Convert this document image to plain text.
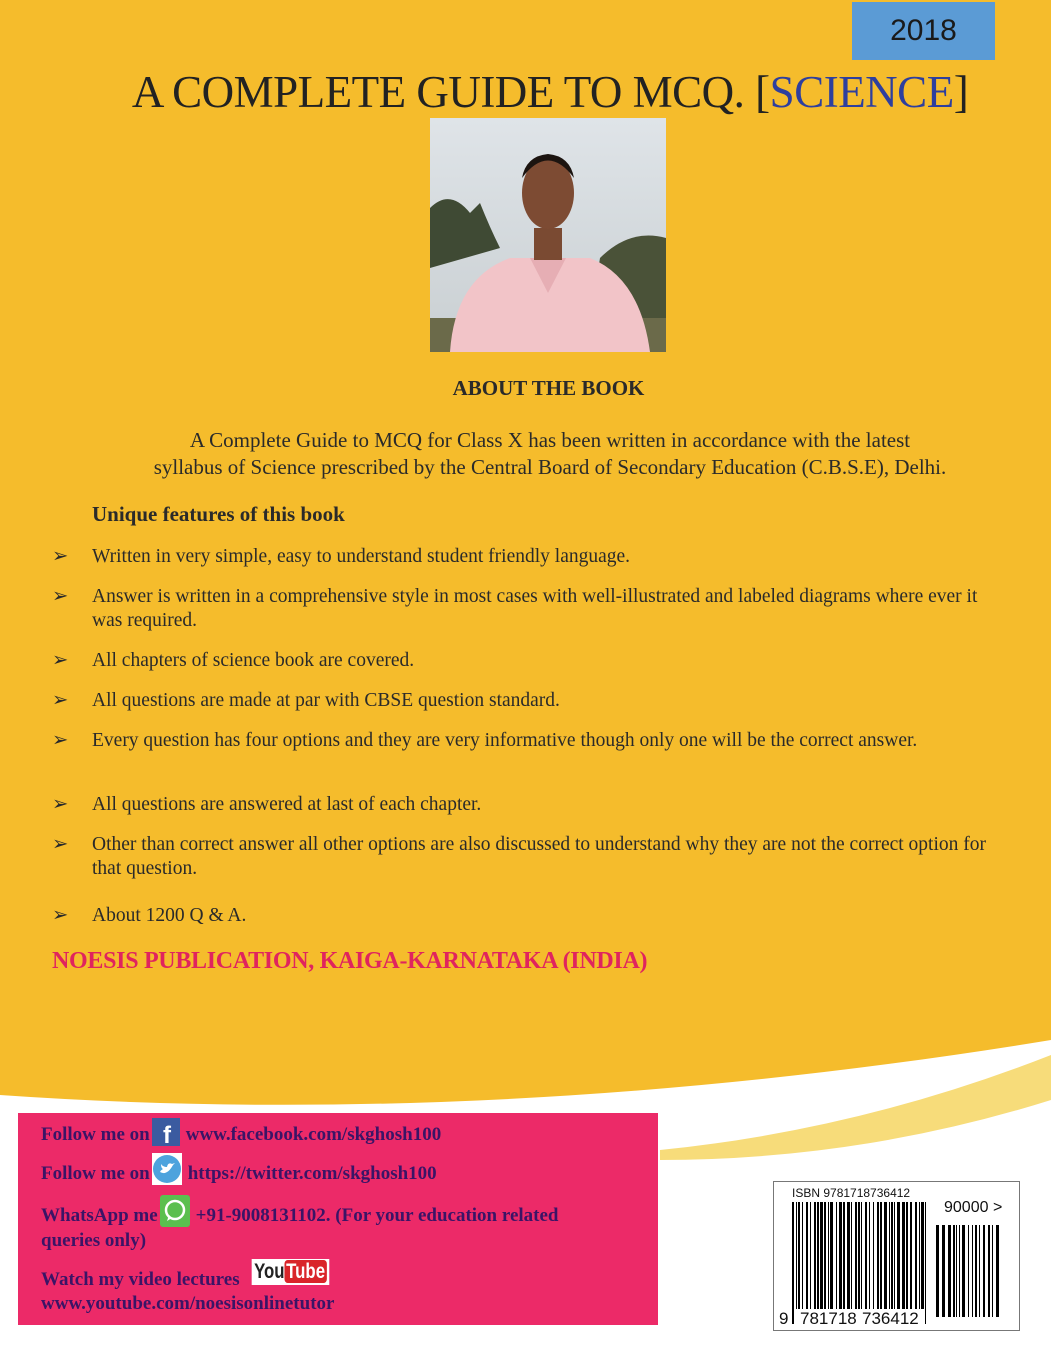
2018
A COMPLETE GUIDE TO MCQ. [SCIENCE]
ABOUT THE BOOK
A Complete Guide to MCQ for Class X has been written in accordance with the latest
syllabus of Science prescribed by the Central Board of Secondary Education (C.B.S.E), Delhi.
Unique features of this book
➢	Written in very simple, easy to understand student friendly language.
➢	Answer is written in a comprehensive style in most cases with well-illustrated and labeled diagrams where ever it was required.
➢	All chapters of science book are covered.
➢	All questions are made at par with CBSE question standard.
➢	Every question has four options and they are very informative though only one will be the correct answer.
➢	All questions are answered at last of each chapter.
➢	Other than correct answer all other options are also discussed to understand why they are not the correct option for that question.
➢	About 1200 Q & A.
NOESIS PUBLICATION, KAIGA-KARNATAKA (INDIA)
Follow me on f www.facebook.com/skghosh100
Follow me on https://twitter.com/skghosh100
WhatsApp me +91-9008131102. (For your education related
queries only)
Watch my video lectures YouTube
www.youtube.com/noesisonlinetutor
ISBN 9781718736412
90000 >
9 781718 736412
